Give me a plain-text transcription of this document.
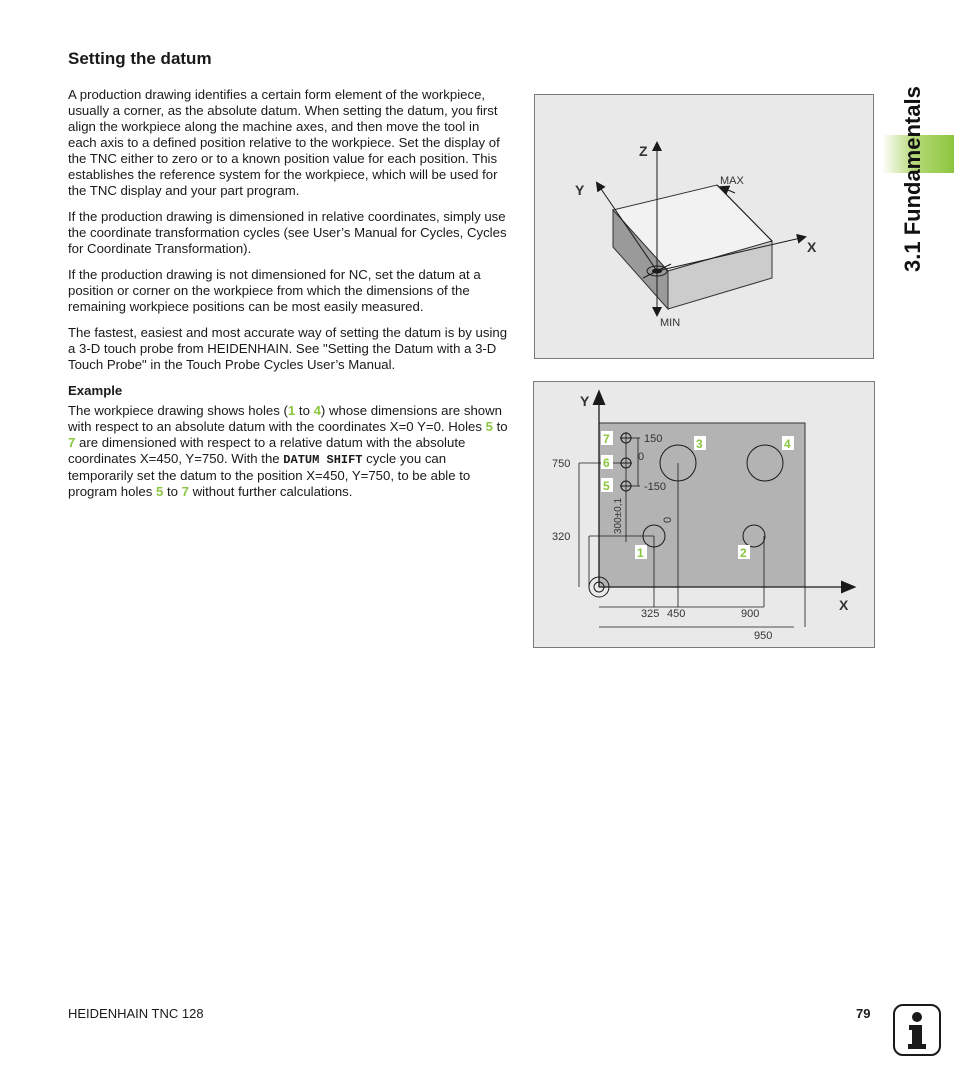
Setting the datum

A production drawing identifies a certain form element of the workpiece, usually a corner, as the absolute datum. When setting the datum, you first align the workpiece along the machine axes, and then move the tool in each axis to a defined position relative to the workpiece. Set the display of the TNC either to zero or to a known position value for each position. This establishes the reference system for the workpiece, which will be used for the TNC display and your part program.

If the production drawing is dimensioned in relative coordinates, simply use the coordinate transformation cycles (see User’s Manual for Cycles, Cycles for Coordinate Transformation).

If the production drawing is not dimensioned for NC, set the datum at a position or corner on the workpiece from which the dimensions of the remaining workpiece positions can be most easily measured.

The fastest, easiest and most accurate way of setting the datum is by using a 3-D touch probe from HEIDENHAIN. See "Setting the Datum with a 3-D Touch Probe" in the Touch Probe Cycles User’s Manual.

Example

The workpiece drawing shows holes (1 to 4) whose dimensions are shown with respect to an absolute datum with the coordinates X=0 Y=0. Holes 5 to 7 are dimensioned with respect to a relative datum with the absolute coordinates X=450, Y=750. With the DATUM SHIFT cycle you can temporarily set the datum to the position X=450, Y=750, to be able to program holes 5 to 7 without further calculations.

Z
Y
X
MAX
MIN
1	2
3	4
5
6
7
Y
X
750
320
150
0
-150
300±0,1	0
325 450	900
950
3.1 Fundamentals
HEIDENHAIN TNC 128	79
